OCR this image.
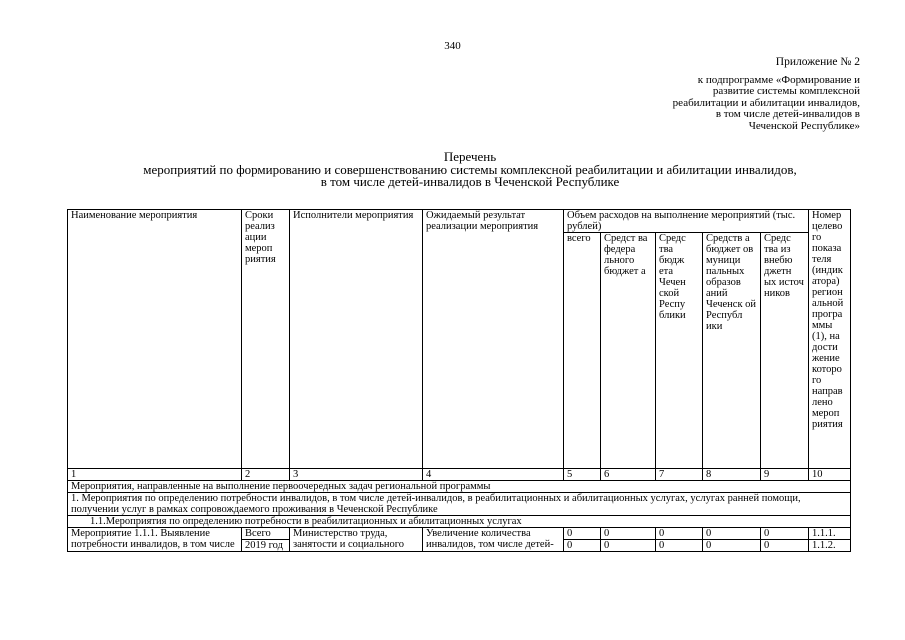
340
Приложение № 2
к подпрограмме «Формирование и
развитие системы комплексной
реабилитации и абилитации инвалидов,
в том числе детей-инвалидов в
Чеченской Республике»
Перечень
мероприятий по формированию и совершенствованию системы комплексной реабилитации и абилитации инвалидов,
в том числе детей-инвалидов в Чеченской Республике
Наименование мероприятия	Сроки реализ ации мероп риятия	Исполнители мероприятия	Ожидаемый результат реализации мероприятия	Объем расходов на выполнение мероприятий (тыс. рублей)					Номер целево го показа теля (индик атора) регион альной програ ммы (1), на дости жение которо го направ лено мероп риятия
				всего	Средст ва федера льного бюджет а	Средс тва бюдж ета Чечен ской Респу блики	Средств а бюджет ов муници пальных образов аний Чеченск ой Республ ики	Средс тва из внебю джетн ых источ ников	
1	2	3	4	5	6	7	8	9	10
Мероприятия, направленные на выполнение первоочередных задач региональной программы									
1. Мероприятия по определению потребности инвалидов, в том числе детей-инвалидов, в реабилитационных и абилитационных услугах, услугах ранней помощи, получении услуг в рамках сопровождаемого проживания в Чеченской Республике									
1.1.Мероприятия по определению потребности в реабилитационных и абилитационных услугах									
Мероприятие 1.1.1. Выявление потребности инвалидов, в том числе	Всего	Министерство труда, занятости и социального	Увеличение количества инвалидов, том числе детей-	0	0	0	0	0	1.1.1.
	2019 год			0	0	0	0	0	1.1.2.
